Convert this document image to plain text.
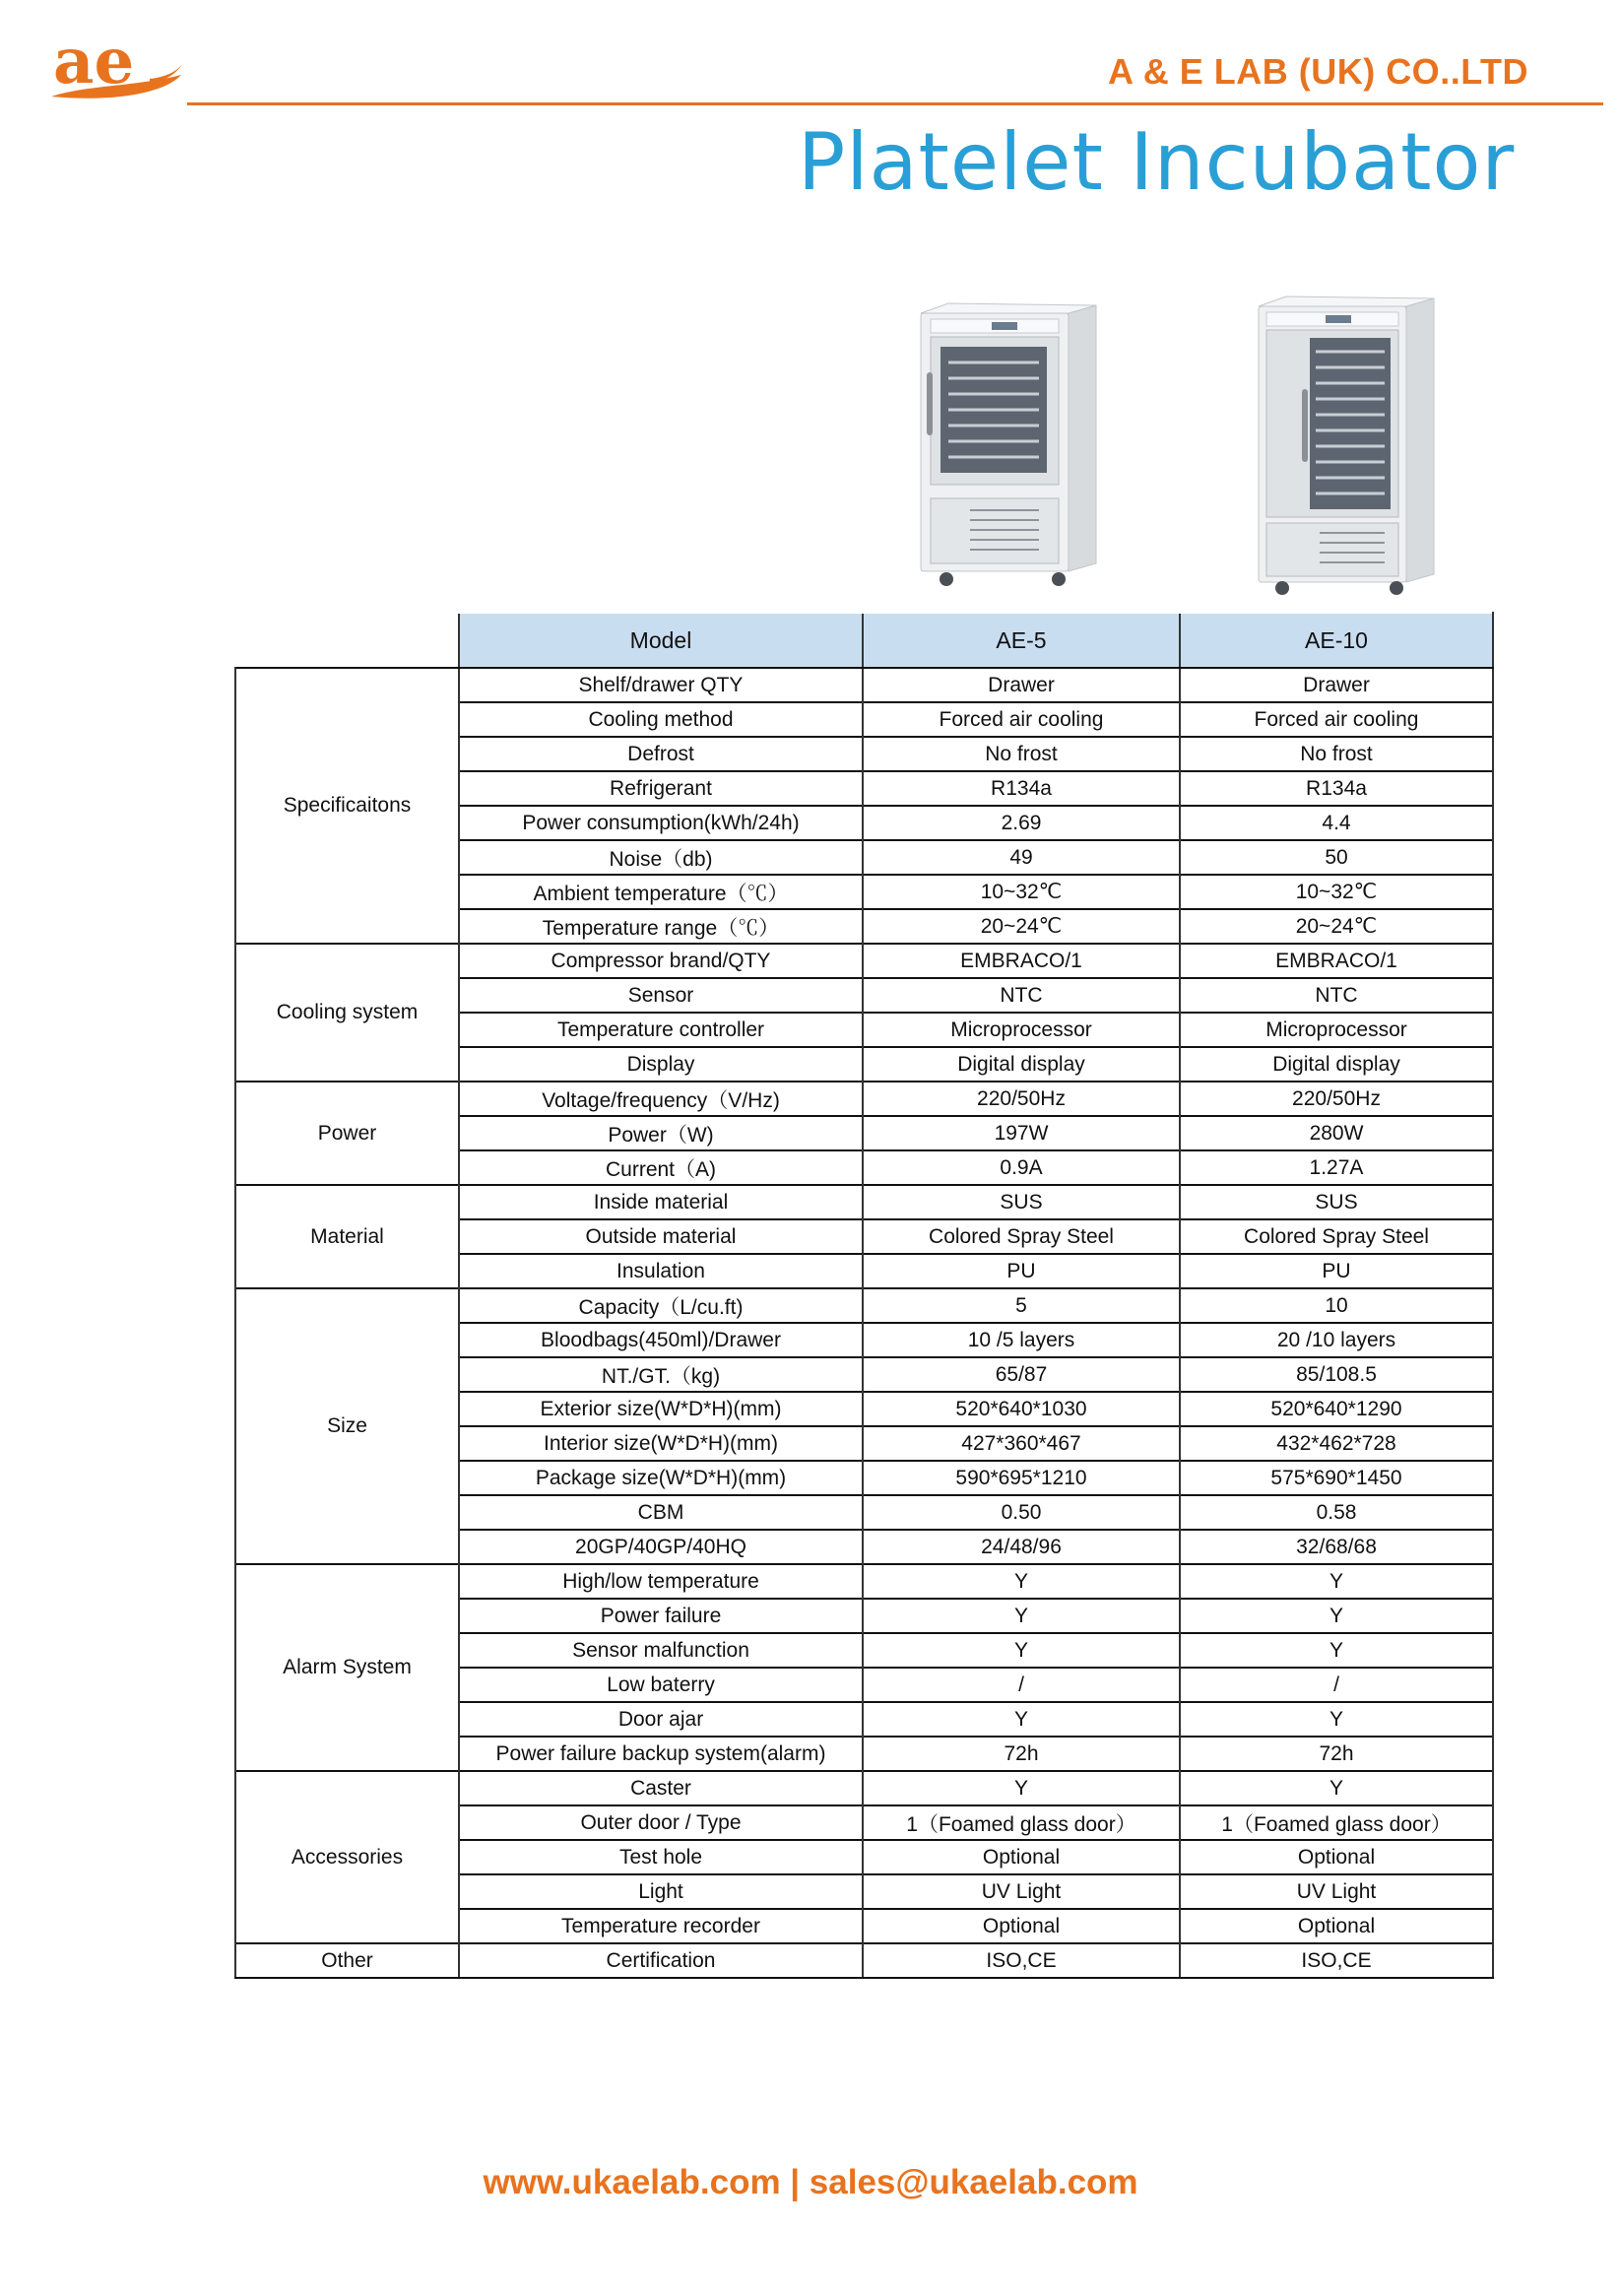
ae	A & E LAB (UK) CO..LTD
Platelet Incubator
	Model	AE-5	AE-10
Specificaitons	Shelf/drawer QTY	Drawer	Drawer
	Cooling method	Forced air cooling	Forced air cooling
	Defrost	No frost	No frost
	Refrigerant	R134a	R134a
	Power consumption(kWh/24h)	2.69	4.4
	Noise（db)	49	50
	Ambient temperature（℃）	10~32℃	10~32℃
	Temperature range（℃）	20~24℃	20~24℃
Cooling system	Compressor brand/QTY	EMBRACO/1	EMBRACO/1
	Sensor	NTC	NTC
	Temperature controller	Microprocessor	Microprocessor
	Display	Digital display	Digital display
Power	Voltage/frequency（V/Hz)	220/50Hz	220/50Hz
	Power（W)	197W	280W
	Current（A)	0.9A	1.27A
Material	Inside material	SUS	SUS
	Outside material	Colored Spray Steel	Colored Spray Steel
	Insulation	PU	PU
Size	Capacity（L/cu.ft)	5	10
	Bloodbags(450ml)/Drawer	10 /5 layers	20 /10 layers
	NT./GT.（kg)	65/87	85/108.5
	Exterior size(W*D*H)(mm)	520*640*1030	520*640*1290
	Interior size(W*D*H)(mm)	427*360*467	432*462*728
	Package size(W*D*H)(mm)	590*695*1210	575*690*1450
	CBM	0.50	0.58
	20GP/40GP/40HQ	24/48/96	32/68/68
Alarm System	High/low temperature	Y	Y
	Power failure	Y	Y
	Sensor malfunction	Y	Y
	Low baterry	/	/
	Door ajar	Y	Y
	Power failure backup system(alarm)	72h	72h
Accessories	Caster	Y	Y
	Outer door / Type	1（Foamed glass door）	1（Foamed glass door）
	Test hole	Optional	Optional
	Light	UV Light	UV Light
	Temperature recorder	Optional	Optional
Other	Certification	ISO,CE	ISO,CE
www.ukaelab.com | sales@ukaelab.com
